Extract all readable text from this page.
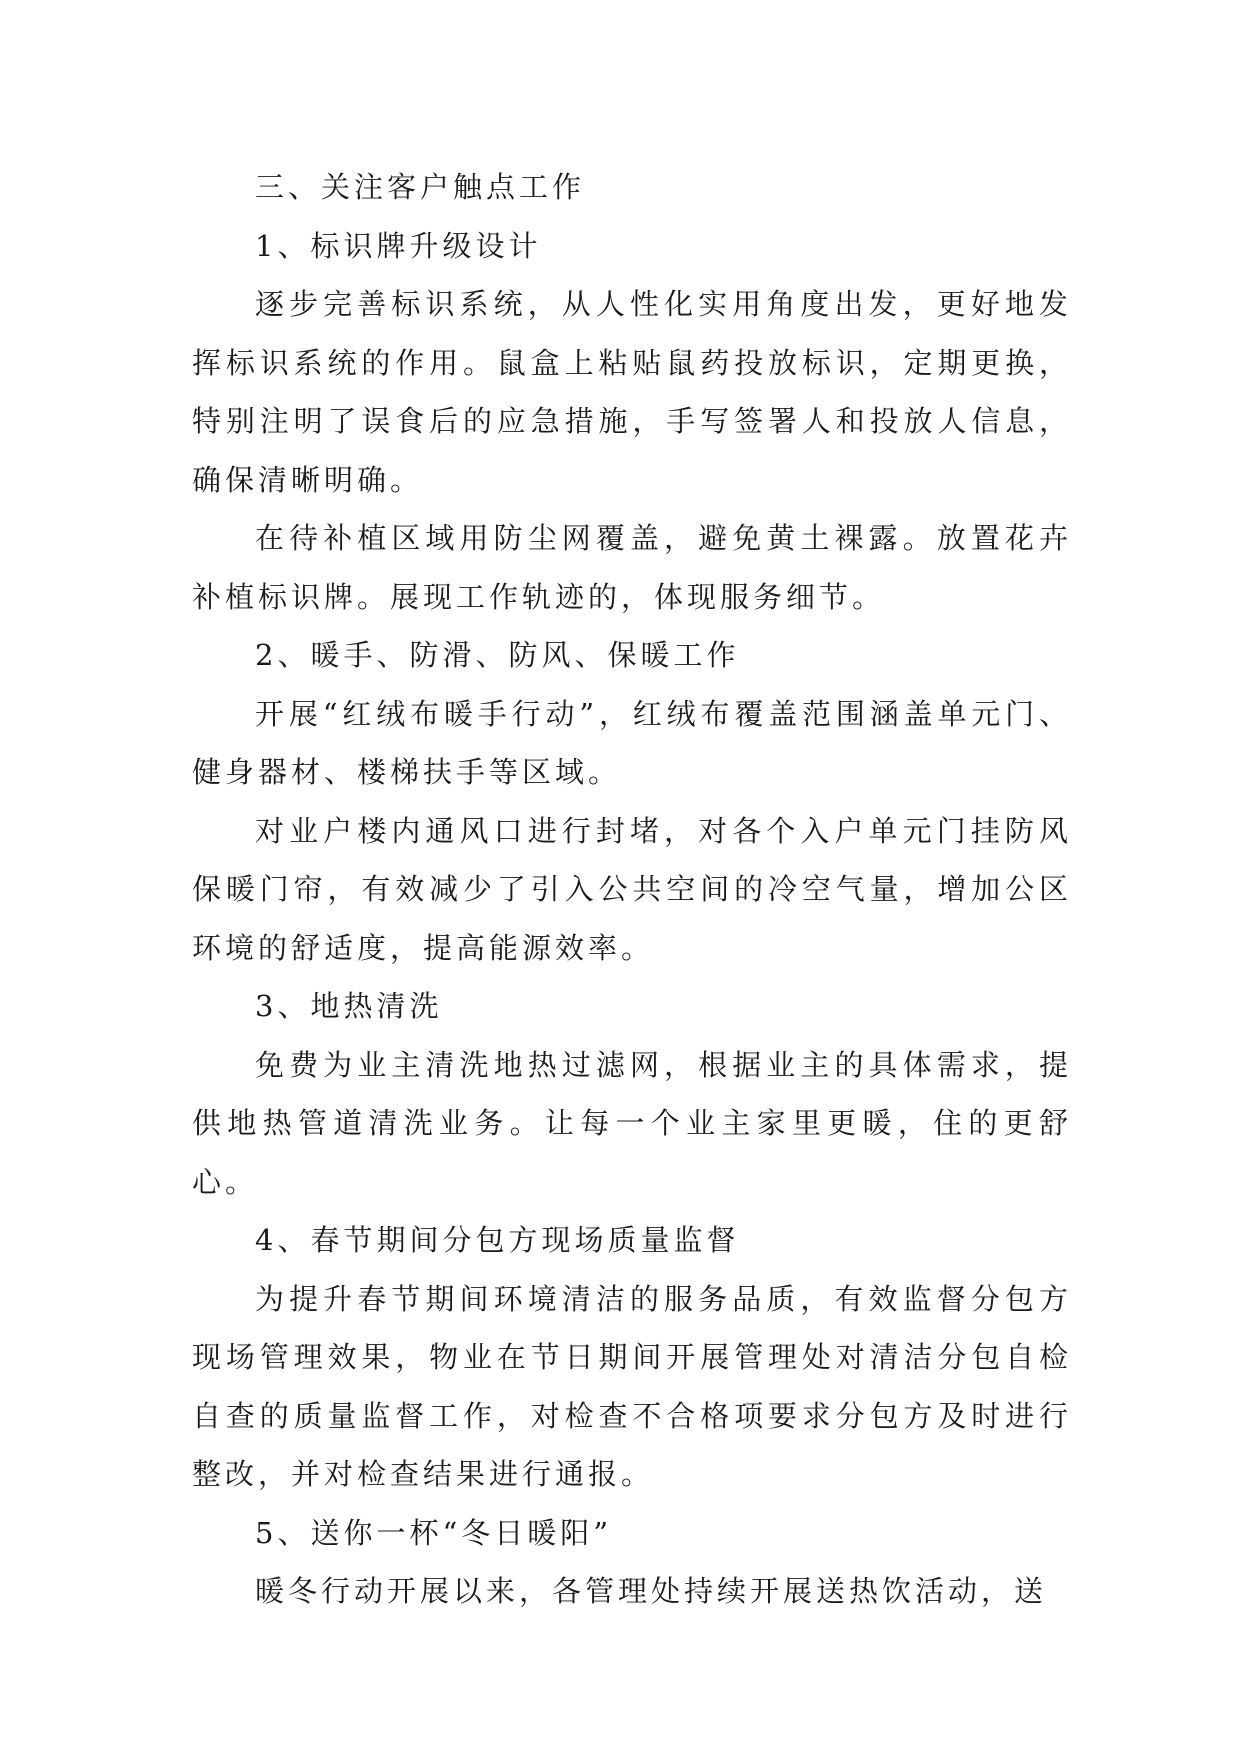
三、关注客户触点工作

1、标识牌升级设计

逐步完善标识系统，从人性化实用角度出发，更好地发挥标识系统的作用。鼠盒上粘贴鼠药投放标识，定期更换，特别注明了误食后的应急措施，手写签署人和投放人信息，确保清晰明确。

在待补植区域用防尘网覆盖，避免黄土裸露。放置花卉补植标识牌。展现工作轨迹的，体现服务细节。

2、暖手、防滑、防风、保暖工作

开展“红绒布暖手行动”，红绒布覆盖范围涵盖单元门、健身器材、楼梯扶手等区域。

对业户楼内通风口进行封堵，对各个入户单元门挂防风保暖门帘，有效减少了引入公共空间的冷空气量，增加公区环境的舒适度，提高能源效率。

3、地热清洗

免费为业主清洗地热过滤网，根据业主的具体需求，提供地热管道清洗业务。让每一个业主家里更暖，住的更舒心。

4、春节期间分包方现场质量监督

为提升春节期间环境清洁的服务品质，有效监督分包方现场管理效果，物业在节日期间开展管理处对清洁分包自检自查的质量监督工作，对检查不合格项要求分包方及时进行整改，并对检查结果进行通报。

5、送你一杯“冬日暖阳”

暖冬行动开展以来，各管理处持续开展送热饮活动，送
